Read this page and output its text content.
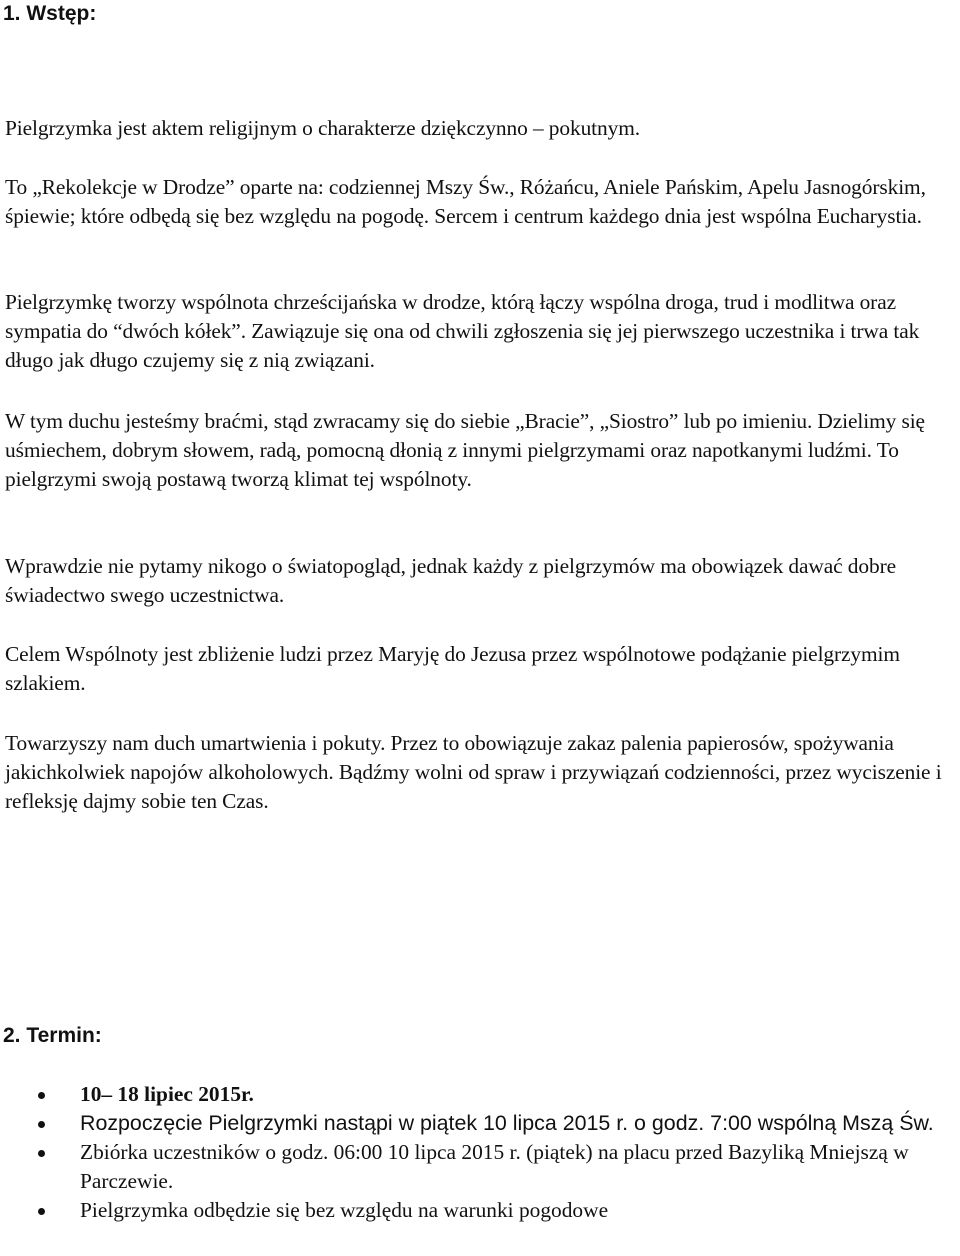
1. Wstęp:

Pielgrzymka jest aktem religijnym o charakterze dziękczynno – pokutnym.

To „Rekolekcje w Drodze” oparte na: codziennej Mszy Św., Różańcu, Aniele Pańskim, Apelu Jasnogórskim, śpiewie; które odbędą się bez względu na pogodę. Sercem i centrum każdego dnia jest wspólna Eucharystia.

Pielgrzymkę tworzy wspólnota chrześcijańska w drodze, którą łączy wspólna droga, trud i modlitwa oraz sympatia do “dwóch kółek”. Zawiązuje się ona od chwili zgłoszenia się jej pierwszego uczestnika i trwa tak długo jak długo czujemy się z nią związani.

W tym duchu jesteśmy braćmi, stąd zwracamy się do siebie „Bracie”, „Siostro” lub po imieniu. Dzielimy się uśmiechem, dobrym słowem, radą, pomocną dłonią z innymi pielgrzymami oraz napotkanymi ludźmi. To pielgrzymi swoją postawą tworzą klimat tej wspólnoty.

Wprawdzie nie pytamy nikogo o światopogląd, jednak każdy z pielgrzymów ma obowiązek dawać dobre świadectwo swego uczestnictwa.

Celem Wspólnoty jest zbliżenie ludzi przez Maryję do Jezusa przez wspólnotowe podążanie pielgrzymim szlakiem.

Towarzyszy nam duch umartwienia i pokuty. Przez to obowiązuje zakaz palenia papierosów, spożywania jakichkolwiek napojów alkoholowych. Bądźmy wolni od spraw i przywiązań codzienności, przez wyciszenie i refleksję dajmy sobie ten Czas.

2. Termin:
10– 18 lipiec 2015r.
Rozpoczęcie Pielgrzymki nastąpi w piątek 10 lipca 2015 r. o godz. 7:00 wspólną Mszą Św.
Zbiórka uczestników o godz. 06:00 10 lipca 2015 r. (piątek) na placu przed Bazyliką Mniejszą w Parczewie.
Pielgrzymka odbędzie się bez względu na warunki pogodowe
